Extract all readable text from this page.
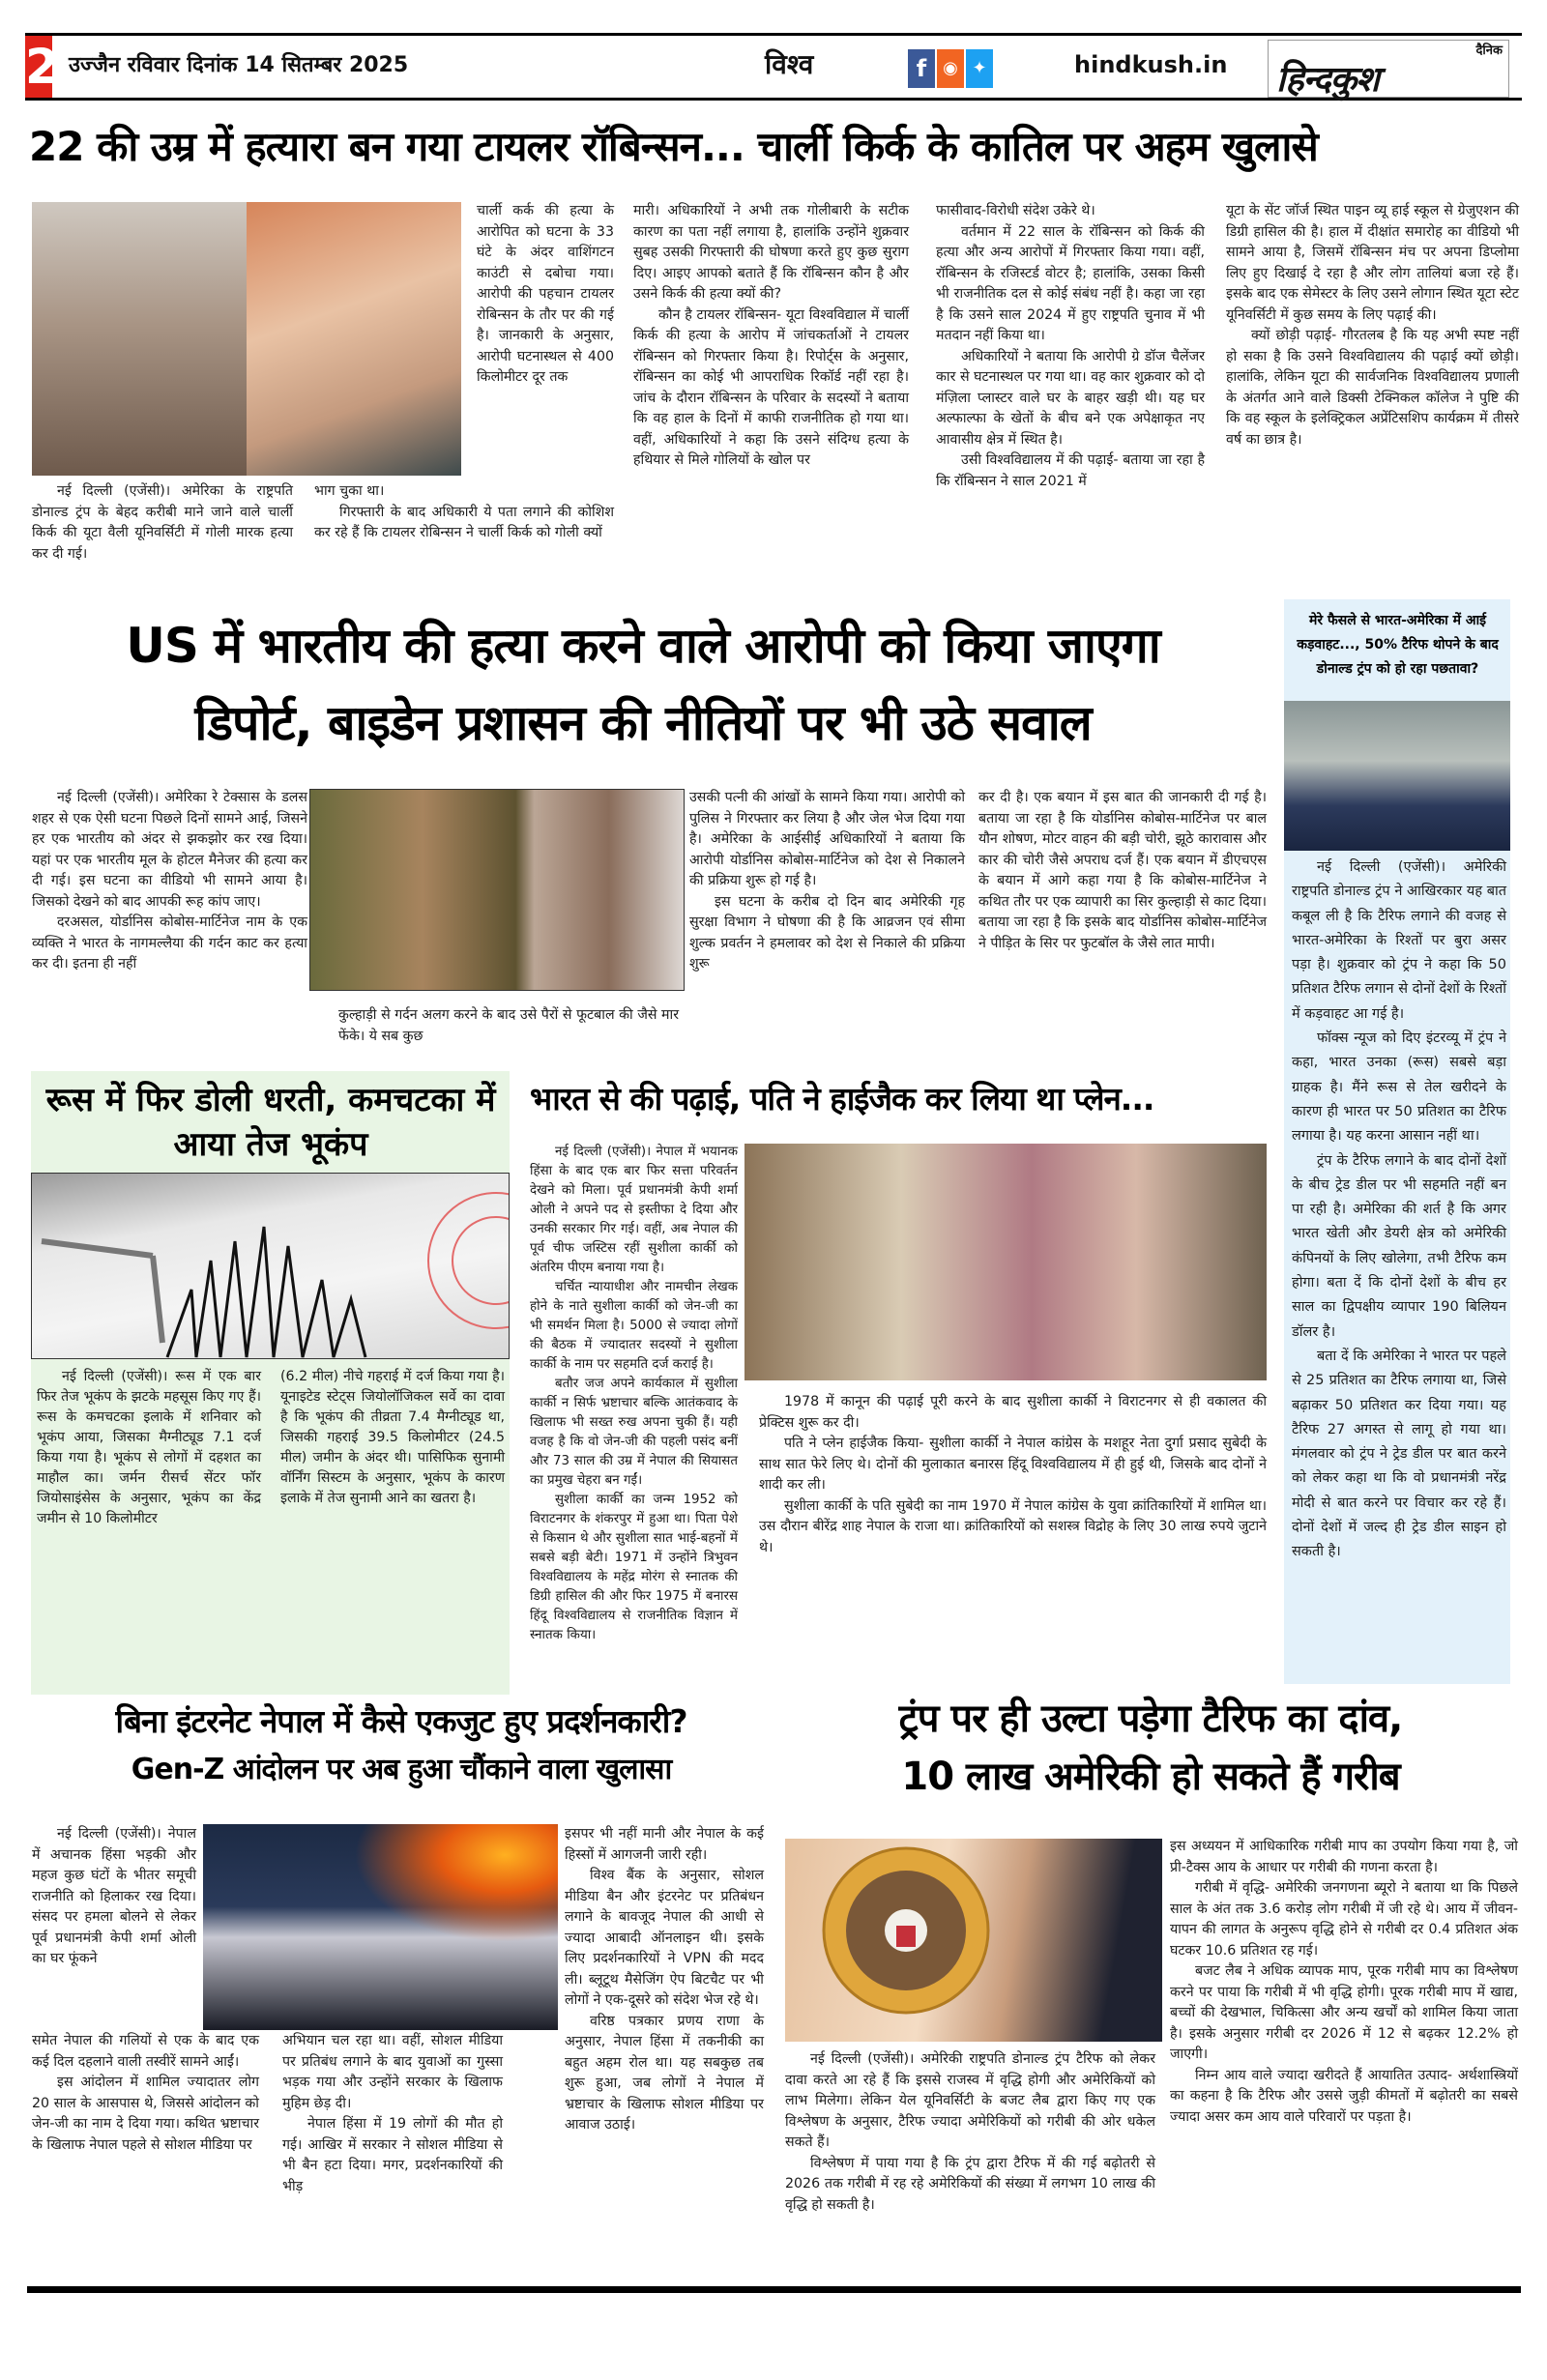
2 उज्जैन रविवार दिनांक 14 सितम्बर 2025	विश्व	f ◉ ✦	hindkush.in
दैनिक
हिन्दकुश
22 की उम्र में हत्यारा बन गया टायलर रॉबिन्सन... चार्ली किर्क के कातिल पर अहम खुलासे

नई दिल्ली (एजेंसी)। अमेरिका के राष्ट्रपति डोनाल्ड ट्रंप के बेहद करीबी माने जाने वाले चार्ली किर्क की यूटा वैली यूनिवर्सिटी में गोली मारक हत्या कर दी गई।

चार्ली कर्क की हत्या के आरोपित को घटना के 33 घंटे के अंदर वाशिंगटन काउंटी से दबोचा गया। आरोपी की पहचान टायलर रोबिन्सन के तौर पर की गई है। जानकारी के अनुसार, आरोपी घटनास्थल से 400 किलोमीटर दूर तक

भाग चुका था।

गिरफ्तारी के बाद अधिकारी ये पता लगाने की कोशिश कर रहे हैं कि टायलर रोबिन्सन ने चार्ली किर्क को गोली क्यों

मारी। अधिकारियों ने अभी तक गोलीबारी के सटीक कारण का पता नहीं लगाया है, हालांकि उन्होंने शुक्रवार सुबह उसकी गिरफ्तारी की घोषणा करते हुए कुछ सुराग दिए। आइए आपको बताते हैं कि रॉबिन्सन कौन है और उसने किर्क की हत्या क्यों की?

कौन है टायलर रॉबिन्सन- यूटा विश्वविद्याल में चार्ली किर्क की हत्या के आरोप में जांचकर्ताओं ने टायलर रॉबिन्सन को गिरफ्तार किया है। रिपोर्ट्स के अनुसार, रॉबिन्सन का कोई भी आपराधिक रिकॉर्ड नहीं रहा है। जांच के दौरान रॉबिन्सन के परिवार के सदस्यों ने बताया कि वह हाल के दिनों में काफी राजनीतिक हो गया था। वहीं, अधिकारियों ने कहा कि उसने संदिग्ध हत्या के हथियार से मिले गोलियों के खोल पर

फासीवाद-विरोधी संदेश उकेरे थे।

वर्तमान में 22 साल के रॉबिन्सन को किर्क की हत्या और अन्य आरोपों में गिरफ्तार किया गया। वहीं, रॉबिन्सन के रजिस्टर्ड वोटर है; हालांकि, उसका किसी भी राजनीतिक दल से कोई संबंध नहीं है। कहा जा रहा है कि उसने साल 2024 में हुए राष्ट्रपति चुनाव में भी मतदान नहीं किया था।

अधिकारियों ने बताया कि आरोपी ग्रे डॉज चैलेंजर कार से घटनास्थल पर गया था। वह कार शुक्रवार को दो मंज़िला प्लास्टर वाले घर के बाहर खड़ी थी। यह घर अल्फाल्फा के खेतों के बीच बने एक अपेक्षाकृत नए आवासीय क्षेत्र में स्थित है।

उसी विश्वविद्यालय में की पढ़ाई- बताया जा रहा है कि रॉबिन्सन ने साल 2021 में

यूटा के सेंट जॉर्ज स्थित पाइन व्यू हाई स्कूल से ग्रेजुएशन की डिग्री हासिल की है। हाल में दीक्षांत समारोह का वीडियो भी सामने आया है, जिसमें रॉबिन्सन मंच पर अपना डिप्लोमा लिए हुए दिखाई दे रहा है और लोग तालियां बजा रहे हैं। इसके बाद एक सेमेस्टर के लिए उसने लोगान स्थित यूटा स्टेट यूनिवर्सिटी में कुछ समय के लिए पढ़ाई की।

क्यों छोड़ी पढ़ाई- गौरतलब है कि यह अभी स्पष्ट नहीं हो सका है कि उसने विश्वविद्यालय की पढ़ाई क्यों छोड़ी। हालांकि, लेकिन यूटा की सार्वजनिक विश्वविद्यालय प्रणाली के अंतर्गत आने वाले डिक्सी टेक्निकल कॉलेज ने पुष्टि की कि वह स्कूल के इलेक्ट्रिकल अप्रेंटिसशिप कार्यक्रम में तीसरे वर्ष का छात्र है।

US में भारतीय की हत्या करने वाले आरोपी को किया जाएगा
डिपोर्ट, बाइडेन प्रशासन की नीतियों पर भी उठे सवाल

नई दिल्ली (एजेंसी)। अमेरिका रे टेक्सास के डलस शहर से एक ऐसी घटना पिछले दिनों सामने आई, जिसने हर एक भारतीय को अंदर से झकझोर कर रख दिया। यहां पर एक भारतीय मूल के होटल मैनेजर की हत्या कर दी गई। इस घटना का वीडियो भी सामने आया है। जिसको देखने को बाद आपकी रूह कांप जाए।

दरअसल, योर्डानिस कोबोस-मार्टिनेज नाम के एक व्यक्ति ने भारत के नागमल्लैया की गर्दन काट कर हत्या कर दी। इतना ही नहीं

कुल्हाड़ी से गर्दन अलग करने के बाद उसे पैरों से फूटबाल की जैसे मार फेंके। ये सब कुछ

उसकी पत्नी की आंखों के सामने किया गया। आरोपी को पुलिस ने गिरफ्तार कर लिया है और जेल भेज दिया गया है। अमेरिका के आईसीई अधिकारियों ने बताया कि आरोपी योर्डानिस कोबोस-मार्टिनेज को देश से निकालने की प्रक्रिया शुरू हो गई है।

इस घटना के करीब दो दिन बाद अमेरिकी गृह सुरक्षा विभाग ने घोषणा की है कि आव्रजन एवं सीमा शुल्क प्रवर्तन ने हमलावर को देश से निकाले की प्रक्रिया शुरू

कर दी है। एक बयान में इस बात की जानकारी दी गई है। बताया जा रहा है कि योर्डानिस कोबोस-मार्टिनेज पर बाल यौन शोषण, मोटर वाहन की बड़ी चोरी, झूठे कारावास और कार की चोरी जैसे अपराध दर्ज हैं। एक बयान में डीएचएस के बयान में आगे कहा गया है कि कोबोस-मार्टिनेज ने कथित तौर पर एक व्यापारी का सिर कुल्हाड़ी से काट दिया। बताया जा रहा है कि इसके बाद योर्डानिस कोबोस-मार्टिनेज ने पीड़ित के सिर पर फुटबॉल के जैसे लात मापी।

मेरे फैसले से भारत-अमेरिका में आई कड़वाहट..., 50% टैरिफ थोपने के बाद डोनाल्ड ट्रंप को हो रहा पछतावा?

नई दिल्ली (एजेंसी)। अमेरिकी राष्ट्रपति डोनाल्ड ट्रंप ने आखिरकार यह बात कबूल ली है कि टैरिफ लगाने की वजह से भारत-अमेरिका के रिश्तों पर बुरा असर पड़ा है। शुक्रवार को ट्रंप ने कहा कि 50 प्रतिशत टैरिफ लगान से दोनों देशों के रिश्तों में कड़वाहट आ गई है।

फॉक्स न्यूज को दिए इंटरव्यू में ट्रंप ने कहा, भारत उनका (रूस) सबसे बड़ा ग्राहक है। मैंने रूस से तेल खरीदने के कारण ही भारत पर 50 प्रतिशत का टैरिफ लगाया है। यह करना आसान नहीं था।

ट्रंप के टैरिफ लगाने के बाद दोनों देशों के बीच ट्रेड डील पर भी सहमति नहीं बन पा रही है। अमेरिका की शर्त है कि अगर भारत खेती और डेयरी क्षेत्र को अमेरिकी कंपिनयों के लिए खोलेगा, तभी टैरिफ कम होगा। बता दें कि दोनों देशों के बीच हर साल का द्विपक्षीय व्यापार 190 बिलियन डॉलर है।

बता दें कि अमेरिका ने भारत पर पहले से 25 प्रतिशत का टैरिफ लगाया था, जिसे बढ़ाकर 50 प्रतिशत कर दिया गया। यह टैरिफ 27 अगस्त से लागू हो गया था। मंगलवार को ट्रंप ने ट्रेड डील पर बात करने को लेकर कहा था कि वो प्रधानमंत्री नरेंद्र मोदी से बात करने पर विचार कर रहे हैं। दोनों देशों में जल्द ही ट्रेड डील साइन हो सकती है।

रूस में फिर डोली धरती, कमचटका में आया तेज भूकंप

नई दिल्ली (एजेंसी)। रूस में एक बार फिर तेज भूकंप के झटके महसूस किए गए हैं। रूस के कमचटका इलाके में शनिवार को भूकंप आया, जिसका मैग्नीट्यूड 7.1 दर्ज किया गया है। भूकंप से लोगों में दहशत का माहौल का। जर्मन रीसर्च सेंटर फॉर जियोसाइंसेस के अनुसार, भूकंप का केंद्र जमीन से 10 किलोमीटर

(6.2 मील) नीचे गहराई में दर्ज किया गया है। यूनाइटेड स्टेट्स जियोलॉजिकल सर्वे का दावा है कि भूकंप की तीव्रता 7.4 मैग्नीट्यूड था, जिसकी गहराई 39.5 किलोमीटर (24.5 मील) जमीन के अंदर थी। पासिफिक सुनामी वॉर्निंग सिस्टम के अनुसार, भूकंप के कारण इलाके में तेज सुनामी आने का खतरा है।

भारत से की पढ़ाई, पति ने हाईजैक कर लिया था प्लेन...

नई दिल्ली (एजेंसी)। नेपाल में भयानक हिंसा के बाद एक बार फिर सत्ता परिवर्तन देखने को मिला। पूर्व प्रधानमंत्री केपी शर्मा ओली ने अपने पद से इस्तीफा दे दिया और उनकी सरकार गिर गई। वहीं, अब नेपाल की पूर्व चीफ जस्टिस रहीं सुशीला कार्की को अंतरिम पीएम बनाया गया है।

चर्चित न्यायाधीश और नामचीन लेखक होने के नाते सुशीला कार्की को जेन-जी का भी समर्थन मिला है। 5000 से ज्यादा लोगों की बैठक में ज्यादातर सदस्यों ने सुशीला कार्की के नाम पर सहमति दर्ज कराई है।

बतौर जज अपने कार्यकाल में सुशीला कार्की न सिर्फ भ्रष्टाचार बल्कि आतंकवाद के खिलाफ भी सख्त रुख अपना चुकी हैं। यही वजह है कि वो जेन-जी की पहली पसंद बनीं और 73 साल की उम्र में नेपाल की सियासत का प्रमुख चेहरा बन गईं।

सुशीला कार्की का जन्म 1952 को विराटनगर के शंकरपुर में हुआ था। पिता पेशे से किसान थे और सुशीला सात भाई-बहनों में सबसे बड़ी बेटी। 1971 में उन्होंने त्रिभुवन विश्वविद्यालय के महेंद्र मोरंग से स्नातक की डिग्री हासिल की और फिर 1975 में बनारस हिंदू विश्वविद्यालय से राजनीतिक विज्ञान में स्नातक किया।

1978 में कानून की पढ़ाई पूरी करने के बाद सुशीला कार्की ने विराटनगर से ही वकालत की प्रेक्टिस शुरू कर दी।

पति ने प्लेन हाईजैक किया- सुशीला कार्की ने नेपाल कांग्रेस के मशहूर नेता दुर्गा प्रसाद सुबेदी के साथ सात फेरे लिए थे। दोनों की मुलाकात बनारस हिंदू विश्वविद्यालय में ही हुई थी, जिसके बाद दोनों ने शादी कर ली।

सुशीला कार्की के पति सुबेदी का नाम 1970 में नेपाल कांग्रेस के युवा क्रांतिकारियों में शामिल था। उस दौरान बीरेंद्र शाह नेपाल के राजा था। क्रांतिकारियों को सशस्त्र विद्रोह के लिए 30 लाख रुपये जुटाने थे।

बिना इंटरनेट नेपाल में कैसे एकजुट हुए प्रदर्शनकारी?
Gen-Z आंदोलन पर अब हुआ चौंकाने वाला खुलासा

नई दिल्ली (एजेंसी)। नेपाल में अचानक हिंसा भड़की और महज कुछ घंटों के भीतर समूची राजनीति को हिलाकर रख दिया। संसद पर हमला बोलने से लेकर पूर्व प्रधानमंत्री केपी शर्मा ओली का घर फूंकने

समेत नेपाल की गलियों से एक के बाद एक कई दिल दहलाने वाली तस्वीरें सामने आईं।

इस आंदोलन में शामिल ज्यादातर लोग 20 साल के आसपास थे, जिससे आंदोलन को जेन-जी का नाम दे दिया गया। कथित भ्रष्टाचार के खिलाफ नेपाल पहले से सोशल मीडिया पर

अभियान चल रहा था। वहीं, सोशल मीडिया पर प्रतिबंध लगाने के बाद युवाओं का गुस्सा भड़क गया और उन्होंने सरकार के खिलाफ मुहिम छेड़ दी।

नेपाल हिंसा में 19 लोगों की मौत हो गई। आखिर में सरकार ने सोशल मीडिया से भी बैन हटा दिया। मगर, प्रदर्शनकारियों की भीड़

इसपर भी नहीं मानी और नेपाल के कई हिस्सों में आगजनी जारी रही।

विश्व बैंक के अनुसार, सोशल मीडिया बैन और इंटरनेट पर प्रतिबंधन लगाने के बावजूद नेपाल की आधी से ज्यादा आबादी ऑनलाइन थी। इसके लिए प्रदर्शनकारियों ने VPN की मदद ली। ब्लूटूथ मैसेजिंग ऐप बिटचैट पर भी लोगों ने एक-दूसरे को संदेश भेज रहे थे।

वरिष्ठ पत्रकार प्रणय राणा के अनुसार, नेपाल हिंसा में तकनीकी का बहुत अहम रोल था। यह सबकुछ तब शुरू हुआ, जब लोगों ने नेपाल में भ्रष्टाचार के खिलाफ सोशल मीडिया पर आवाज उठाई।

ट्रंप पर ही उल्टा पड़ेगा टैरिफ का दांव,
10 लाख अमेरिकी हो सकते हैं गरीब

नई दिल्ली (एजेंसी)। अमेरिकी राष्ट्रपति डोनाल्ड ट्रंप टैरिफ को लेकर दावा करते आ रहे हैं कि इससे राजस्व में वृद्धि होगी और अमेरिकियों को लाभ मिलेगा। लेकिन येल यूनिवर्सिटी के बजट लैब द्वारा किए गए एक विश्लेषण के अनुसार, टैरिफ ज्यादा अमेरिकियों को गरीबी की ओर धकेल सकते हैं।

विश्लेषण में पाया गया है कि ट्रंप द्वारा टैरिफ में की गई बढ़ोतरी से 2026 तक गरीबी में रह रहे अमेरिकियों की संख्या में लगभग 10 लाख की वृद्धि हो सकती है।

इस अध्ययन में आधिकारिक गरीबी माप का उपयोग किया गया है, जो प्री-टैक्स आय के आधार पर गरीबी की गणना करता है।

गरीबी में वृद्धि- अमेरिकी जनगणना ब्यूरो ने बताया था कि पिछले साल के अंत तक 3.6 करोड़ लोग गरीबी में जी रहे थे। आय में जीवन-यापन की लागत के अनुरूप वृद्धि होने से गरीबी दर 0.4 प्रतिशत अंक घटकर 10.6 प्रतिशत रह गई।

बजट लैब ने अधिक व्यापक माप, पूरक गरीबी माप का विश्लेषण करने पर पाया कि गरीबी में भी वृद्धि होगी। पूरक गरीबी माप में खाद्य, बच्चों की देखभाल, चिकित्सा और अन्य खर्चों को शामिल किया जाता है। इसके अनुसार गरीबी दर 2026 में 12 से बढ़कर 12.2% हो जाएगी।

निम्न आय वाले ज्यादा खरीदते हैं आयातित उत्पाद- अर्थशास्त्रियों का कहना है कि टैरिफ और उससे जुड़ी कीमतों में बढ़ोतरी का सबसे ज्यादा असर कम आय वाले परिवारों पर पड़ता है।
